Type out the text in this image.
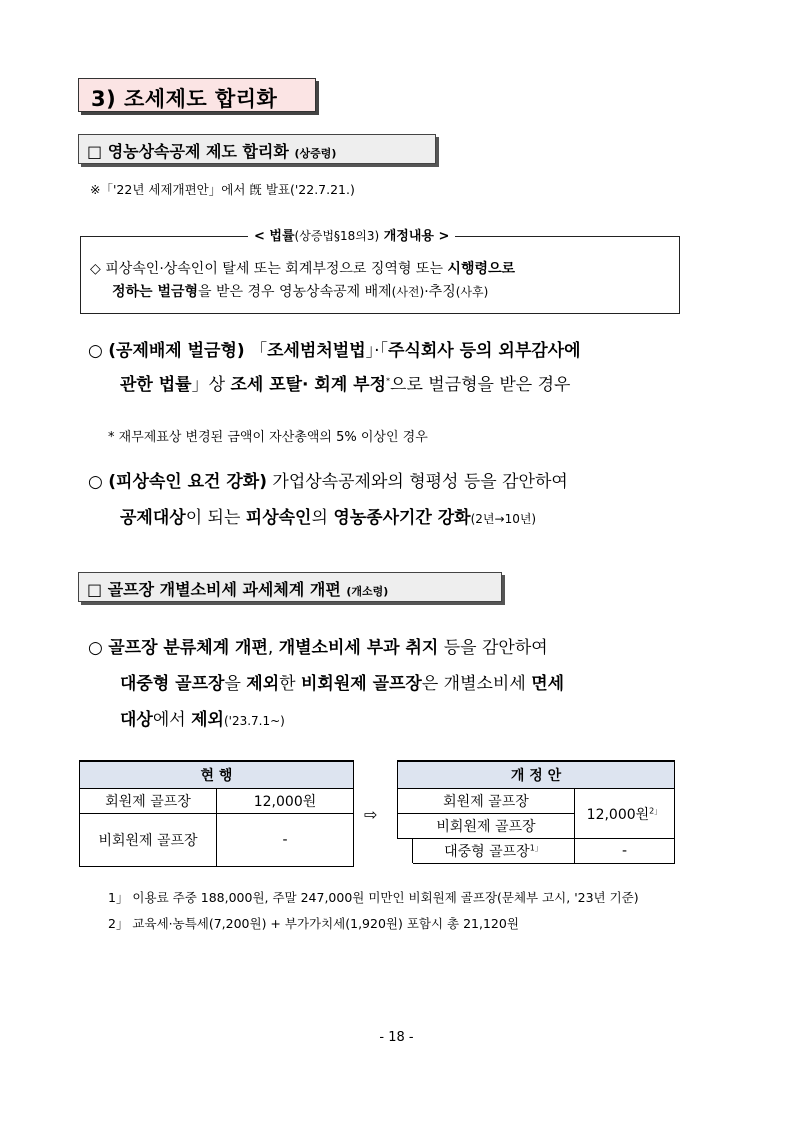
3) 조세제도 합리화
□ 영농상속공제 제도 합리화 (상증령)
※「'22년 세제개편안」에서 旣 발표('22.7.21.)
< 법률(상증법§18의3) 개정내용 >
◇ 피상속인·상속인이 탈세 또는 회계부정으로 징역형 또는 시행령으로
정하는 벌금형을 받은 경우 영농상속공제 배제(사전)·추징(사후)
○ (공제배제 벌금형) 「조세범처벌법」·「주식회사 등의 외부감사에
관한 법률」상 조세 포탈· 회계 부정*으로 벌금형을 받은 경우
* 재무제표상 변경된 금액이 자산총액의 5% 이상인 경우
○ (피상속인 요건 강화) 가업상속공제와의 형평성 등을 감안하여
공제대상이 되는 피상속인의 영농종사기간 강화(2년→10년)
□ 골프장 개별소비세 과세체계 개편 (개소령)
○ 골프장 분류체계 개편, 개별소비세 부과 취지 등을 감안하여
대중형 골프장을 제외한 비회원제 골프장은 개별소비세 면세
대상에서 제외('23.7.1~)
현 행	
회원제 골프장	12,000원
비회원제 골프장	-
⇨
개 정 안		
회원제 골프장		12,000원$^{2」}$
비회원제 골프장		
	대중형 골프장$^{1」}$	-
1」 이용료 주중 188,000원, 주말 247,000원 미만인 비회원제 골프장(문체부 고시, '23년 기준)
2」 교육세·농특세(7,200원) + 부가가치세(1,920원) 포함시 총 21,120원
- 18 -
